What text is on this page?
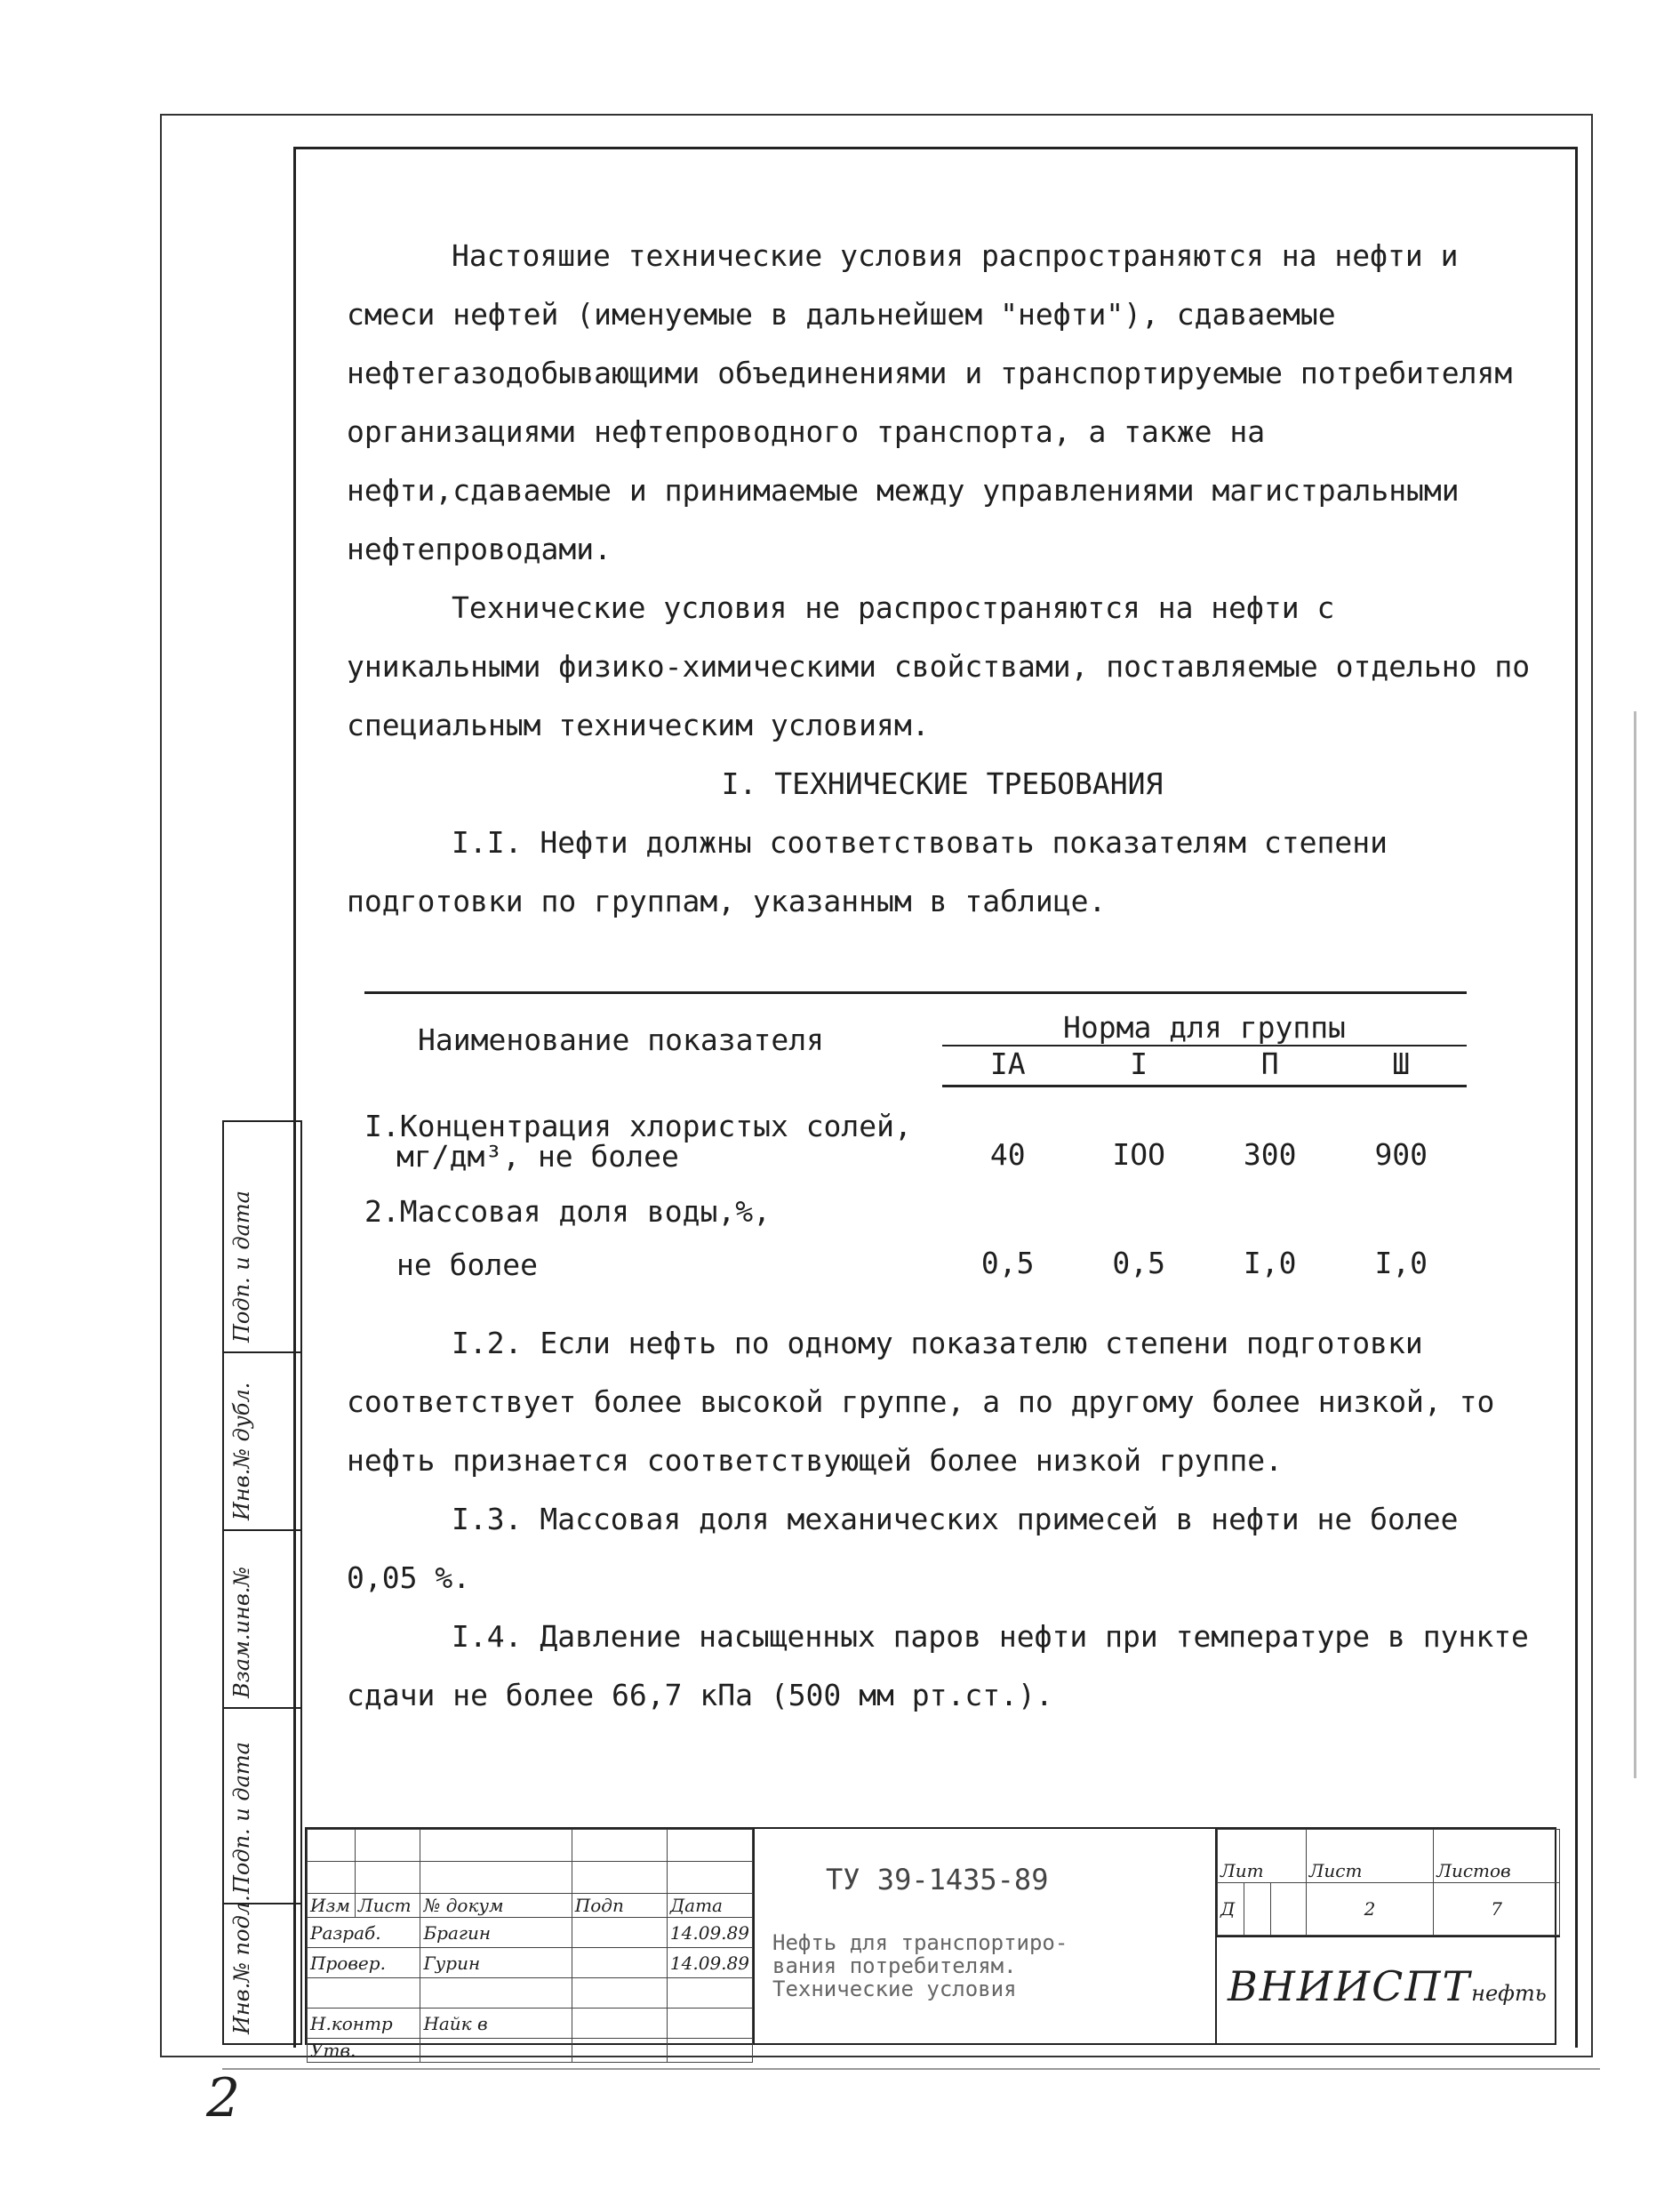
Настояшие технические условия распространяются на нефти и смеси нефтей (именуемые в дальнейшем "нефти"), сдаваемые нефтегазодобывающими объединениями и транспортируемые потребителям организациями нефтепроводного транспорта, а также на нефти,сдаваемые и принимаемые между управлениями магистральными нефтепроводами.

Технические условия не распространяются на нефти с уникальными физико-химическими свойствами, поставляемые отдельно по специальным техническим условиям.

I. ТЕХНИЧЕСКИЕ ТРЕБОВАНИЯ

I.I. Нефти должны соответствовать показателям степени подготовки по группам, указанным в таблице.

Наименование показателя	Норма для группы			
	IA	I	П	Ш

I.Концентрация хлористых солей,
мг/дм³, не более	40	IOO	300	900

2.Массовая доля воды,%,
не более	0,5	0,5	I,0	I,0

I.2. Если нефть по одному показателю степени подготовки соответствует более высокой группе, а по другому более низкой, то нефть признается соответствующей более низкой группе.

I.3. Массовая доля механических примесей в нефти не более 0,05 %.

I.4. Давление насыщенных паров нефти при температуре в пункте сдачи не более 66,7 кПа (500 мм рт.ст.).

Подп. и дата
Инв.№ дубл.
Взам.инв.№
Подп. и дата
Инв.№ подл.

					Изм	Лист	№ докум	Подп	Дата
Разраб.		Брагин		14.09.89
Провер.		Гурин		14.09.89

Н.контр		Найк в		
Утв.				
ТУ 39-1435-89
Нефть для транспортиро-
вания потребителям.
Технические условия
Лит			Лист	Листов
Д			2	7
ВНИИСПТнефть
2
